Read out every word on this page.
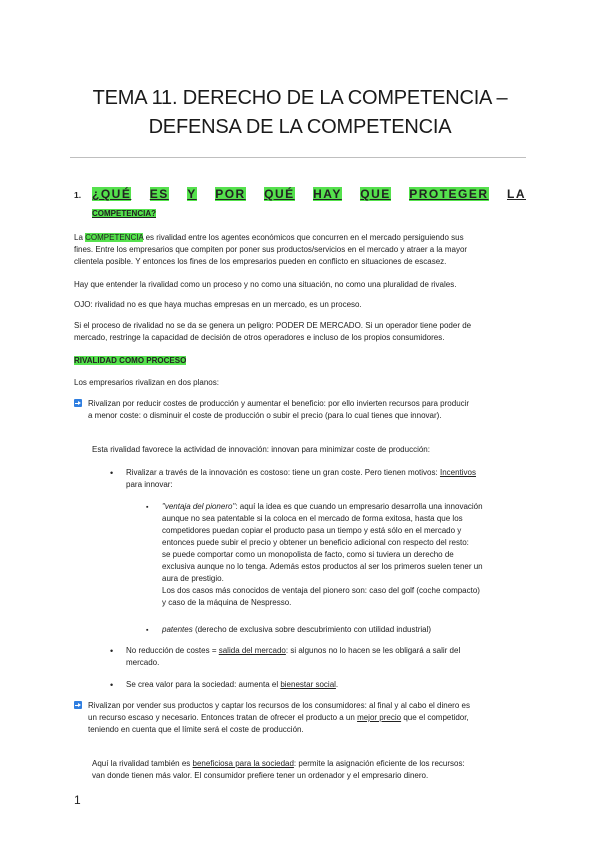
TEMA 11. DERECHO DE LA COMPETENCIA –
DEFENSA DE LA COMPETENCIA
1. ¿QUÉ ES Y POR QUÉ HAY QUE PROTEGER LA
COMPETENCIA?
La COMPETENCIA es rivalidad entre los agentes económicos que concurren en el mercado persiguiendo sus
fines. Entre los empresarios que compiten por poner sus productos/servicios en el mercado y atraer a la mayor
clientela posible. Y entonces los fines de los empresarios pueden en conflicto en situaciones de escasez.
Hay que entender la rivalidad como un proceso y no como una situación, no como una pluralidad de rivales.
OJO: rivalidad no es que haya muchas empresas en un mercado, es un proceso.
Si el proceso de rivalidad no se da se genera un peligro: PODER DE MERCADO. Si un operador tiene poder de
mercado, restringe la capacidad de decisión de otros operadores e incluso de los propios consumidores.
RIVALIDAD COMO PROCESO
Los empresarios rivalizan en dos planos:
Rivalizan por reducir costes de producción y aumentar el beneficio: por ello invierten recursos para producir
a menor coste: o disminuir el coste de producción o subir el precio (para lo cual tienes que innovar).
Esta rivalidad favorece la actividad de innovación: innovan para minimizar coste de producción:
• Rivalizar a través de la innovación es costoso: tiene un gran coste. Pero tienen motivos: Incentivos
para innovar:
▪ "ventaja del pionero": aquí la idea es que cuando un empresario desarrolla una innovación
aunque no sea patentable si la coloca en el mercado de forma exitosa, hasta que los
competidores puedan copiar el producto pasa un tiempo y está sólo en el mercado y
entonces puede subir el precio y obtener un beneficio adicional con respecto del resto:
se puede comportar como un monopolista de facto, como si tuviera un derecho de
exclusiva aunque no lo tenga. Además estos productos al ser los primeros suelen tener un
aura de prestigio.
Los dos casos más conocidos de ventaja del pionero son: caso del golf (coche compacto)
y caso de la máquina de Nespresso.
▪ patentes (derecho de exclusiva sobre descubrimiento con utilidad industrial)
• No reducción de costes = salida del mercado: si algunos no lo hacen se les obligará a salir del
mercado.
• Se crea valor para la sociedad: aumenta el bienestar social.
Rivalizan por vender sus productos y captar los recursos de los consumidores: al final y al cabo el dinero es
un recurso escaso y necesario. Entonces tratan de ofrecer el producto a un mejor precio que el competidor,
teniendo en cuenta que el límite será el coste de producción.
Aquí la rivalidad también es beneficiosa para la sociedad: permite la asignación eficiente de los recursos:
van donde tienen más valor. El consumidor prefiere tener un ordenador y el empresario dinero.
1
